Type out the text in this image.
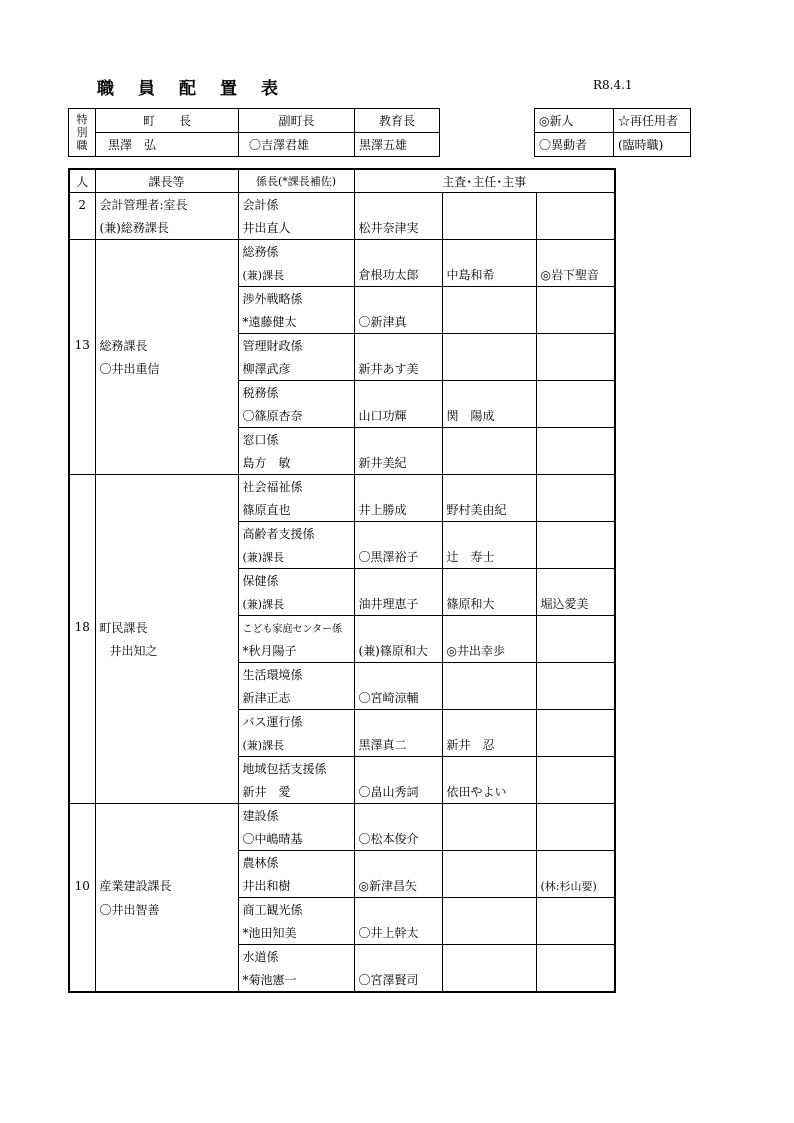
職員配置表	R8.4.1
特別職	町　　長	副町長	教育長
	黒澤　弘	〇吉澤君雄	黒澤五雄
◎新人	☆再任用者
〇異動者	(臨時職)
人	課長等	係長(*課長補佐)	主査･主任･主事		
2	会計管理者:室長	会計係			
	(兼)総務課長	井出直人	松井奈津実		
		総務係			
		(兼)課長	倉根功太郎	中島和希	◎岩下聖音
		渉外戦略係			
		*遠藤健太	〇新津真		
13	総務課長	管理財政係			
	〇井出重信	柳澤武彦	新井あす美		
		税務係			
		〇篠原杏奈	山口功輝	関　陽成	
		窓口係			
		島方　敏	新井美紀		
		社会福祉係			
		篠原直也	井上勝成	野村美由紀	
		高齢者支援係			
		(兼)課長	〇黒澤裕子	辻　寿士	
		保健係			
		(兼)課長	油井理恵子	篠原和大	堀込愛美
18	町民課長	こども家庭センター係			
	井出知之	*秋月陽子	(兼)篠原和大	◎井出幸歩	
		生活環境係			
		新津正志	〇宮崎涼輔		
		バス運行係			
		(兼)課長	黒澤真二	新井　忍	
		地域包括支援係			
		新井　愛	〇畠山秀詞	依田やよい	
		建設係			
		〇中嶋晴基	〇松本俊介		
		農林係			
10	産業建設課長	井出和樹	◎新津昌矢		(林:杉山要)
	〇井出智善	商工観光係			
		*池田知美	〇井上幹太		
		水道係			
		*菊池憲一	〇宮澤賢司		
